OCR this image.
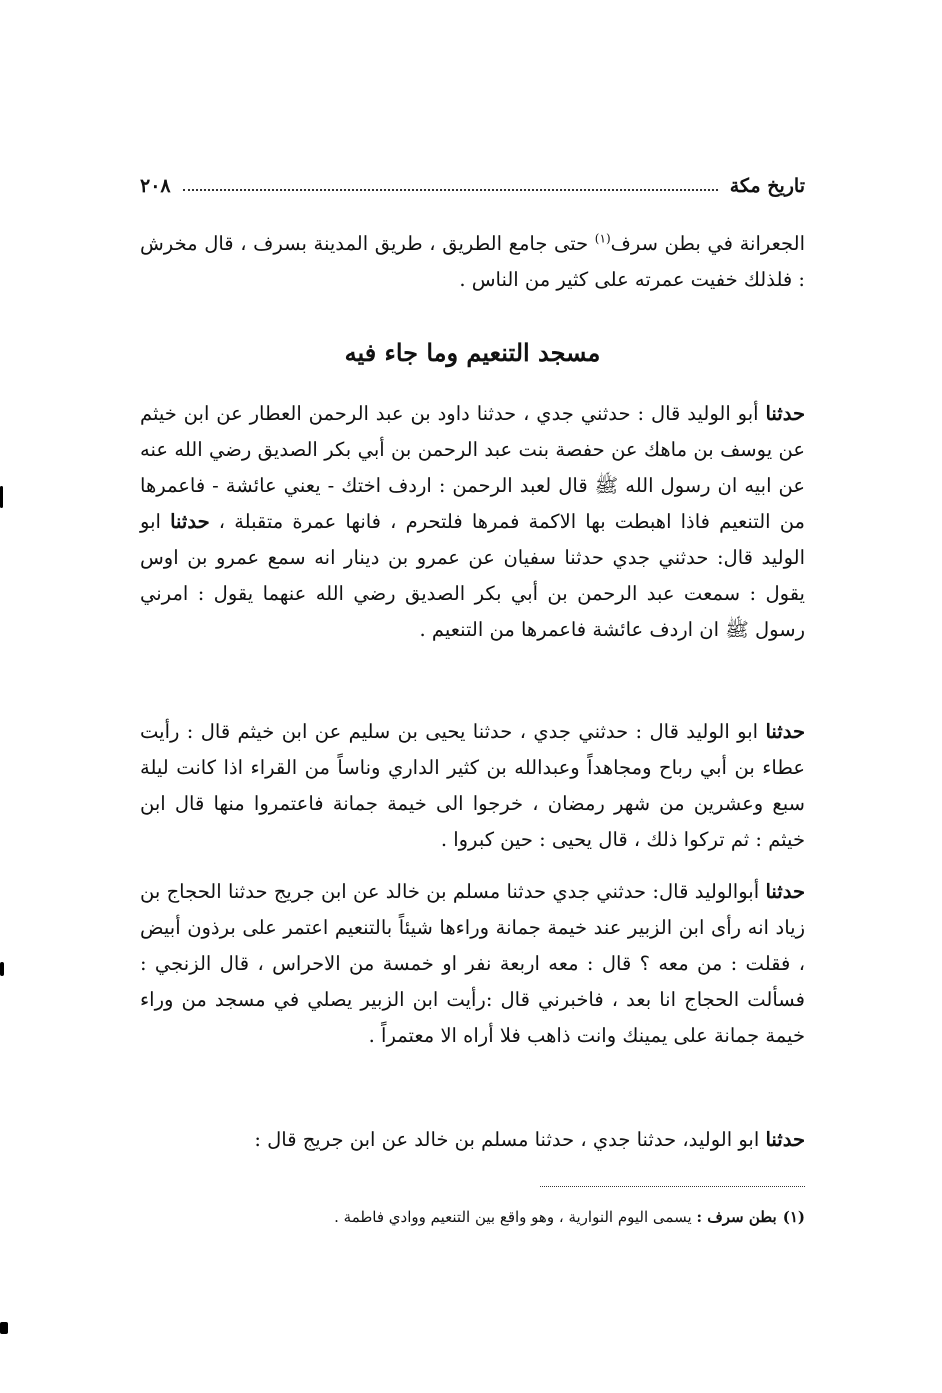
٢٠٨	تاريخ مكة

الجعرانة في بطن سرف$^{(١)}$ حتى جامع الطريق ، طريق المدينة بسرف ، قال مخرش : فلذلك خفيت عمرته على كثير من الناس .

مسجد التنعيم وما جاء فيه

حدثنا أبو الوليد قال : حدثني جدي ، حدثنا داود بن عبد الرحمن العطار عن ابن خيثم عن يوسف بن ماهك عن حفصة بنت عبد الرحمن بن أبي بكر الصديق رضي الله عنه عن ابيه ان رسول الله ﷺ قال لعبد الرحمن : اردف اختك - يعني عائشة - فاعمرها من التنعيم فاذا اهبطت بها الاكمة فمرها فلتحرم ، فانها عمرة متقبلة ، حدثنا ابو الوليد قال: حدثني جدي حدثنا سفيان عن عمرو بن دينار انه سمع عمرو بن اوس يقول : سمعت عبد الرحمن بن أبي بكر الصديق رضي الله عنهما يقول : امرني رسول ﷺ ان اردف عائشة فاعمرها من التنعيم .

حدثنا ابو الوليد قال : حدثني جدي ، حدثنا يحيى بن سليم عن ابن خيثم قال : رأيت عطاء بن أبي رباح ومجاهداً وعبدالله بن كثير الداري وناساً من القراء اذا كانت ليلة سبع وعشرين من شهر رمضان ، خرجوا الى خيمة جمانة فاعتمروا منها قال ابن خيثم : ثم تركوا ذلك ، قال يحيى : حين كبروا .

حدثنا أبوالوليد قال: حدثني جدي حدثنا مسلم بن خالد عن ابن جريج حدثنا الحجاج بن زياد انه رأى ابن الزبير عند خيمة جمانة وراءها شيئاً بالتنعيم اعتمر على برذون أبيض ، فقلت : من معه ؟ قال : معه اربعة نفر او خمسة من الاحراس ، قال الزنجي : فسألت الحجاج انا بعد ، فاخبرني قال :رأيت ابن الزبير يصلي في مسجد من وراء خيمة جمانة على يمينك وانت ذاهب فلا أراه الا معتمراً .

حدثنا ابو الوليد، حدثنا جدي ، حدثنا مسلم بن خالد عن ابن جريج قال :

(١)بطن سرف : يسمى اليوم النوارية ، وهو واقع بين التنعيم ووادي فاطمة .
